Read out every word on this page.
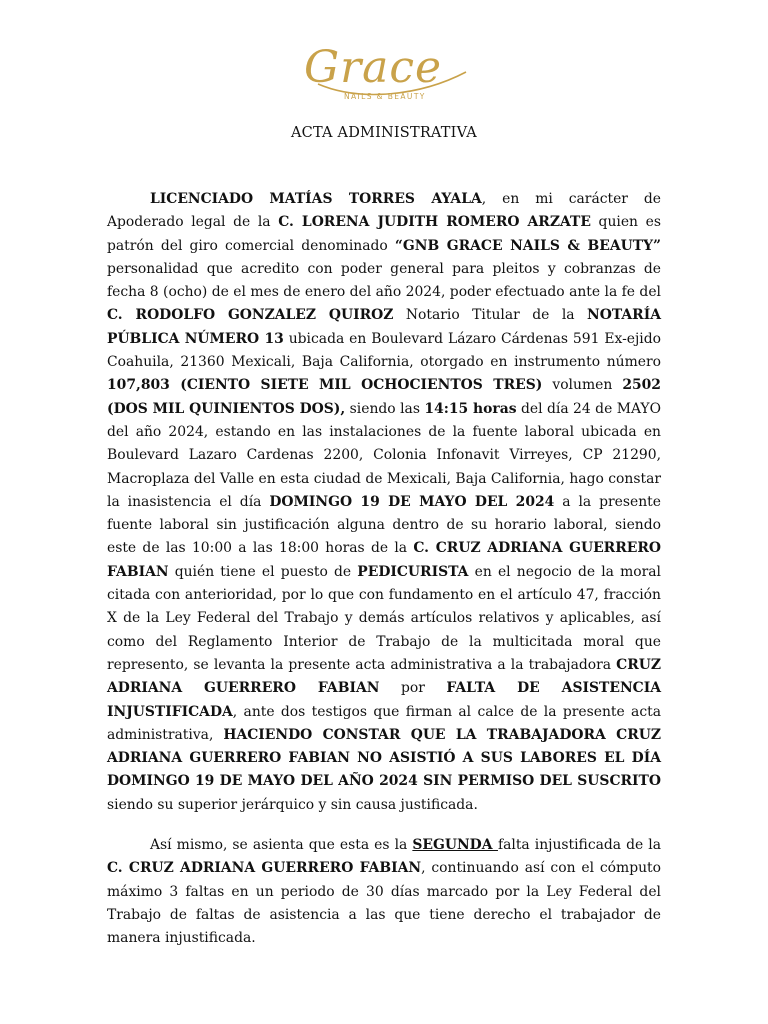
Grace
NAILS & BEAUTY
ACTA ADMINISTRATIVA
LICENCIADO MATÍAS TORRES AYALA, en mi carácter de Apoderado legal de la C. LORENA JUDITH ROMERO ARZATE quien es patrón del giro comercial denominado “GNB GRACE NAILS & BEAUTY” personalidad que acredito con poder general para pleitos y cobranzas de fecha 8 (ocho) de el mes de enero del año 2024, poder efectuado ante la fe del C. RODOLFO GONZALEZ QUIROZ Notario Titular de la NOTARÍA PÚBLICA NÚMERO 13 ubicada en Boulevard Lázaro Cárdenas 591 Ex-ejido Coahuila, 21360 Mexicali, Baja California, otorgado en instrumento número 107,803 (CIENTO SIETE MIL OCHOCIENTOS TRES) volumen 2502 (DOS MIL QUINIENTOS DOS), siendo las 14:15 horas del día 24 de MAYO del año 2024, estando en las instalaciones de la fuente laboral ubicada en Boulevard Lazaro Cardenas 2200, Colonia Infonavit Virreyes, CP 21290, Macroplaza del Valle en esta ciudad de Mexicali, Baja California, hago constar la inasistencia el día DOMINGO 19 DE MAYO DEL 2024 a la presente fuente laboral sin justificación alguna dentro de su horario laboral, siendo este de las 10:00 a las 18:00 horas de la C. CRUZ ADRIANA GUERRERO FABIAN quién tiene el puesto de PEDICURISTA en el negocio de la moral citada con anterioridad, por lo que con fundamento en el artículo 47, fracción X de la Ley Federal del Trabajo y demás artículos relativos y aplicables, así como del Reglamento Interior de Trabajo de la multicitada moral que represento, se levanta la presente acta administrativa a la trabajadora CRUZ ADRIANA GUERRERO FABIAN por FALTA DE ASISTENCIA INJUSTIFICADA, ante dos testigos que firman al calce de la presente acta administrativa, HACIENDO CONSTAR QUE LA TRABAJADORA CRUZ ADRIANA GUERRERO FABIAN NO ASISTIÓ A SUS LABORES EL DÍA DOMINGO 19 DE MAYO DEL AÑO 2024 SIN PERMISO DEL SUSCRITO siendo su superior jerárquico y sin causa justificada.
Así mismo, se asienta que esta es la SEGUNDA falta injustificada de la C. CRUZ ADRIANA GUERRERO FABIAN, continuando así con el cómputo máximo 3 faltas en un periodo de 30 días marcado por la Ley Federal del Trabajo de faltas de asistencia a las que tiene derecho el trabajador de manera injustificada.
